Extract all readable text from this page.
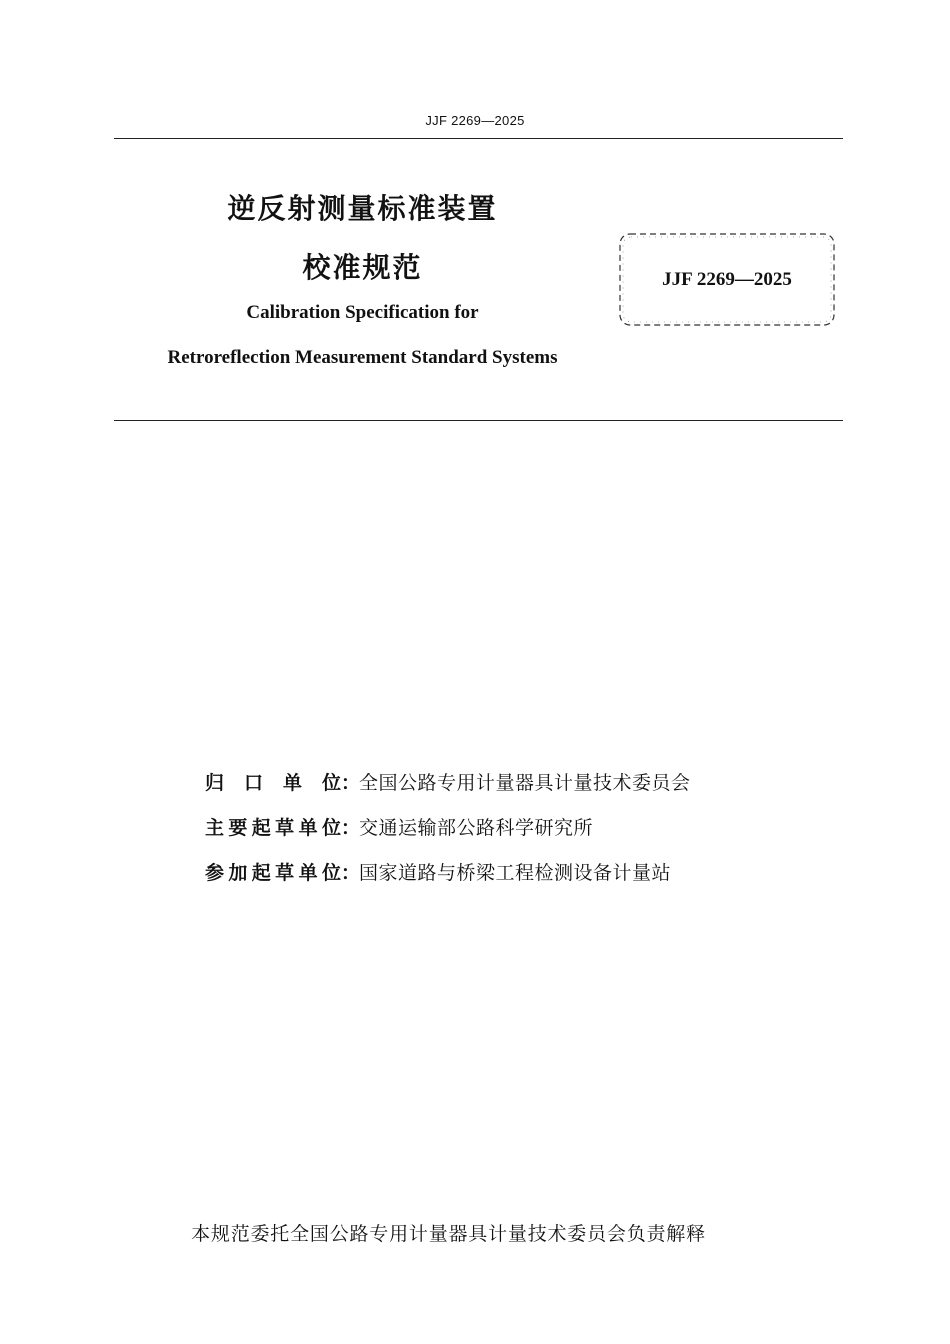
JJF 2269—2025
逆反射测量标准装置
校准规范
Calibration Specification for
Retroreflection Measurement Standard Systems
JJF 2269—2025
归 口 单 位 ：
全国公路专用计量器具计量技术委员会
主 要 起 草 单 位 ：
交通运输部公路科学研究所
参 加 起 草 单 位 ：
国家道路与桥梁工程检测设备计量站
本规范委托全国公路专用计量器具计量技术委员会负责解释
